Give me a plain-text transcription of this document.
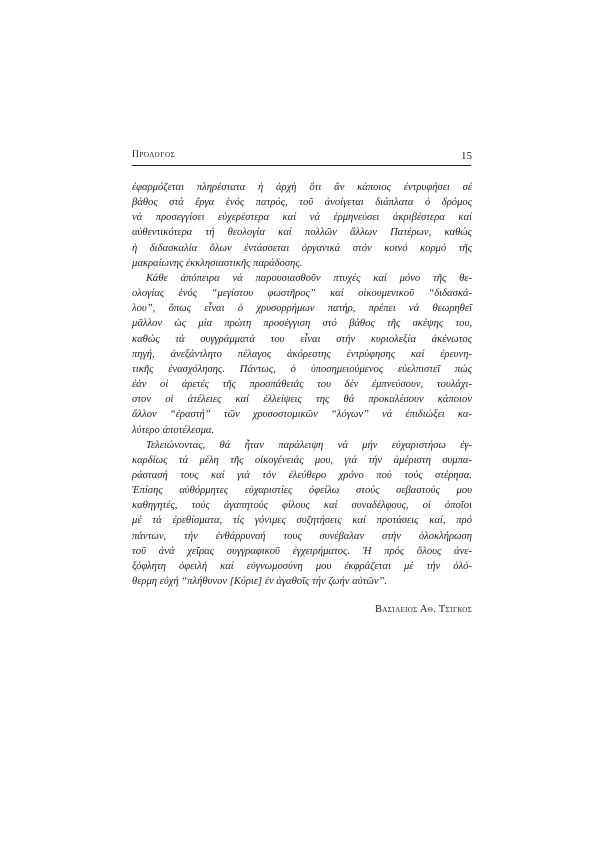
Πρόλογος	15
ἐφαρμόζεται πληρέστατα ἡ ἀρχὴ ὅτι ἄν κάποιος ἐντρυφήσει σέ
βάθος στά ἔργα ἑνός πατρός, τοῦ ἀνοίγεται διάπλατα ὁ δρόμος
νά προσεγγίσει εὐχερέστερα καί νά ἑρμηνεύσει ἀκριβέστερα καί
αὐθεντικότερα τή θεολογία καί πολλῶν ἄλλων Πατέρων, καθώς
ἡ διδασκαλία ὅλων ἐντάσσεται ὀργανικά στόν κοινό κορμό τῆς
μακραίωνης ἐκκλησιαστικῆς παράδοσης.
Κάθε ἀπόπειρα νά παρουσιασθοῦν πτυχές καί μόνο τῆς θε-
ολογίας ἑνός “μεγίστου φωστῆρος” καί οἰκουμενικοῦ “διδασκά-
λου”, ὅπως εἶναι ὁ χρυσορρήμων πατήρ, πρέπει νά θεωρηθεῖ
μᾶλλον ὡς μία πρώτη προσέγγιση στό βάθος τῆς σκέψης του,
καθώς τά συγγράμματά του εἶναι στήν κυριολεξία ἀκένωτος
πηγή, ἀνεξάντλητο πέλαγος ἀκόρεστης ἐντρύφησης καί ἐρευνη-
τικῆς ἐνασχόλησης. Πάντως, ὁ ὑποσημειούμενος εὐελπιστεῖ πώς
ἐάν οἱ ἀρετές τῆς προσπάθειάς του δέν ἐμπνεύσουν, τουλάχι-
στον οἱ ἀτέλειες καί ἐλλείψεις της θά προκαλέσουν κάποιον
ἄλλον “ἐραστή” τῶν χρυσοστομικῶν “λόγων” νά ἐπιδιώξει κα-
λύτερο ἀποτέλεσμα.
Τελειώνοντας, θά ἦταν παράλειψη νά μήν εὐχαριστήσω ἐγ-
καρδίως τά μέλη τῆς οἰκογένειάς μου, γιά τήν ἀμέριστη συμπα-
ράστασή τους καί γιά τόν ἐλεύθερο χρόνο πού τούς στέρησα.
Ἐπίσης αὐθόρμητες εὐχαριστίες ὀφείλω στούς σεβαστούς μου
καθηγητές, τούς ἀγαπητούς φίλους καί συναδέλφους, οἱ ὁποῖοι
μέ τά ἐρεθίσματα, τίς γόνιμες συζητήσεις καί προτάσεις καί, πρό
πάντων, τήν ἐνθάρρυνσή τους συνέβαλαν στήν ὁλοκλήρωση
τοῦ ἀνά χεῖρας συγγραφικοῦ ἐγχειρήματος. Ἡ πρός ὅλους ἀνε-
ξόφλητη ὀφειλή καί εὐγνωμοσύνη μου ἐκφράζεται μέ τήν ὁλό-
θερμη εὐχή “πλήθυνον [Κύριε] ἐν ἀγαθοῖς τήν ζωήν αὐτῶν”.
Βασίλειος Αθ. Τσίγκος
